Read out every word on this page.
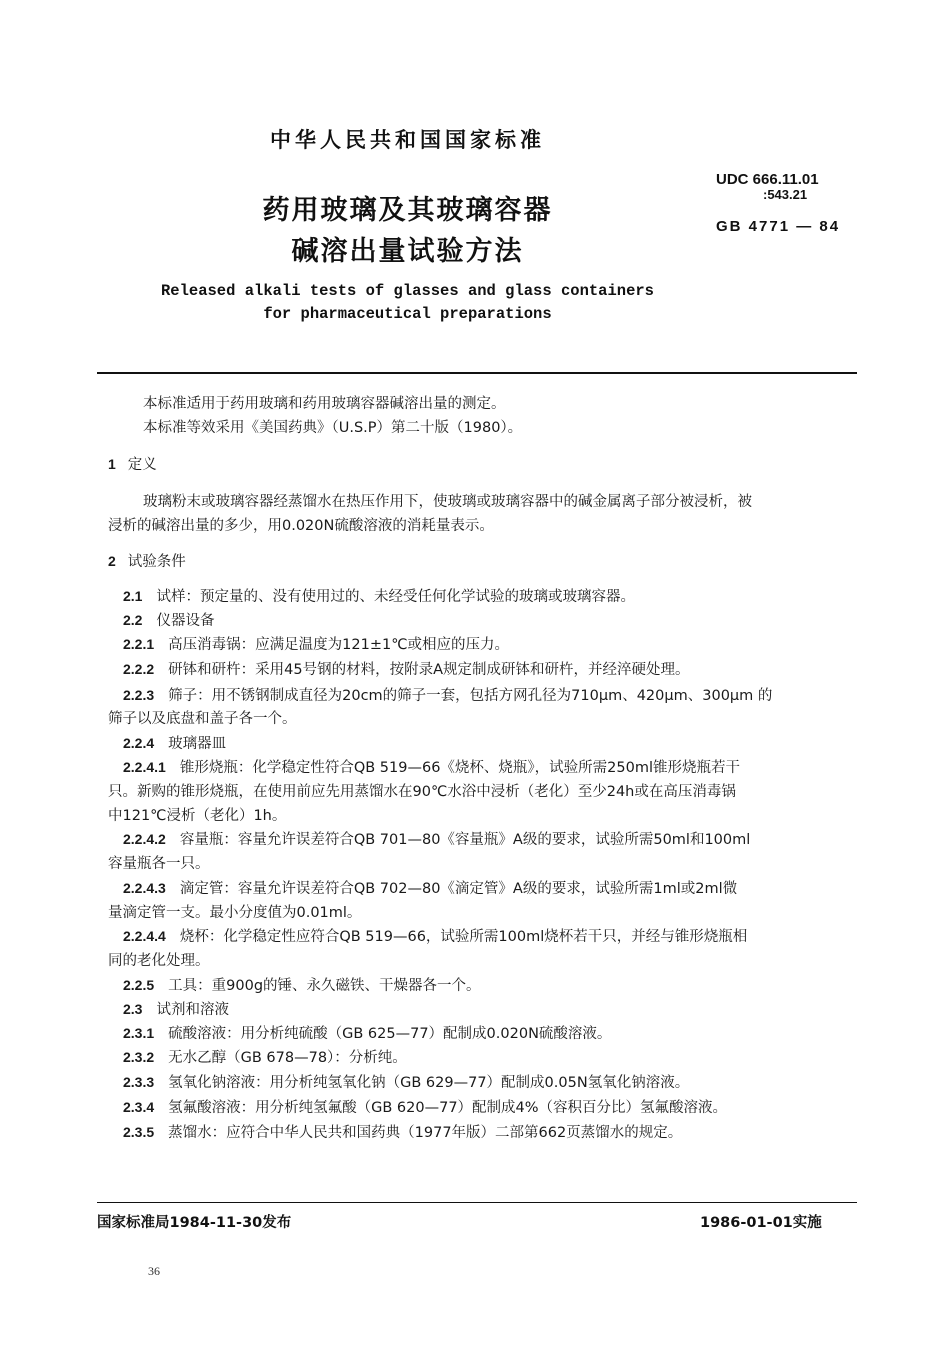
中华人民共和国国家标准
UDC 666.11.01
:543.21
GB 4771 — 84
药用玻璃及其玻璃容器
碱溶出量试验方法
Released alkali tests of glasses and glass containers
for pharmaceutical preparations
本标准适用于药用玻璃和药用玻璃容器碱溶出量的测定。
本标准等效采用《美国药典》（U.S.P）第二十版（1980）。
1 定义
玻璃粉末或玻璃容器经蒸馏水在热压作用下，使玻璃或玻璃容器中的碱金属离子部分被浸析，被
浸析的碱溶出量的多少，用0.020N硫酸溶液的消耗量表示。
2 试验条件
2.1 试样：预定量的、没有使用过的、未经受任何化学试验的玻璃或玻璃容器。
2.2 仪器设备
2.2.1 高压消毒锅：应满足温度为121±1℃或相应的压力。
2.2.2 研钵和研杵：采用45号钢的材料，按附录A规定制成研钵和研杵，并经淬硬处理。
2.2.3 筛子：用不锈钢制成直径为20cm的筛子一套，包括方网孔径为710μm、420μm、300μm 的
筛子以及底盘和盖子各一个。
2.2.4 玻璃器皿
2.2.4.1 锥形烧瓶：化学稳定性符合QB 519—66《烧杯、烧瓶》，试验所需250ml锥形烧瓶若干
只。新购的锥形烧瓶，在使用前应先用蒸馏水在90℃水浴中浸析（老化）至少24h或在高压消毒锅
中121℃浸析（老化）1h。
2.2.4.2 容量瓶：容量允许误差符合QB 701—80《容量瓶》A级的要求，试验所需50ml和100ml
容量瓶各一只。
2.2.4.3 滴定管：容量允许误差符合QB 702—80《滴定管》A级的要求，试验所需1ml或2ml微
量滴定管一支。最小分度值为0.01ml。
2.2.4.4 烧杯：化学稳定性应符合QB 519—66，试验所需100ml烧杯若干只，并经与锥形烧瓶相
同的老化处理。
2.2.5 工具：重900g的锤、永久磁铁、干燥器各一个。
2.3 试剂和溶液
2.3.1 硫酸溶液：用分析纯硫酸（GB 625—77）配制成0.020N硫酸溶液。
2.3.2 无水乙醇（GB 678—78）：分析纯。
2.3.3 氢氧化钠溶液：用分析纯氢氧化钠（GB 629—77）配制成0.05N氢氧化钠溶液。
2.3.4 氢氟酸溶液：用分析纯氢氟酸（GB 620—77）配制成4%（容积百分比）氢氟酸溶液。
2.3.5 蒸馏水：应符合中华人民共和国药典（1977年版）二部第662页蒸馏水的规定。
国家标准局1984-11-30发布	1986-01-01实施
36
